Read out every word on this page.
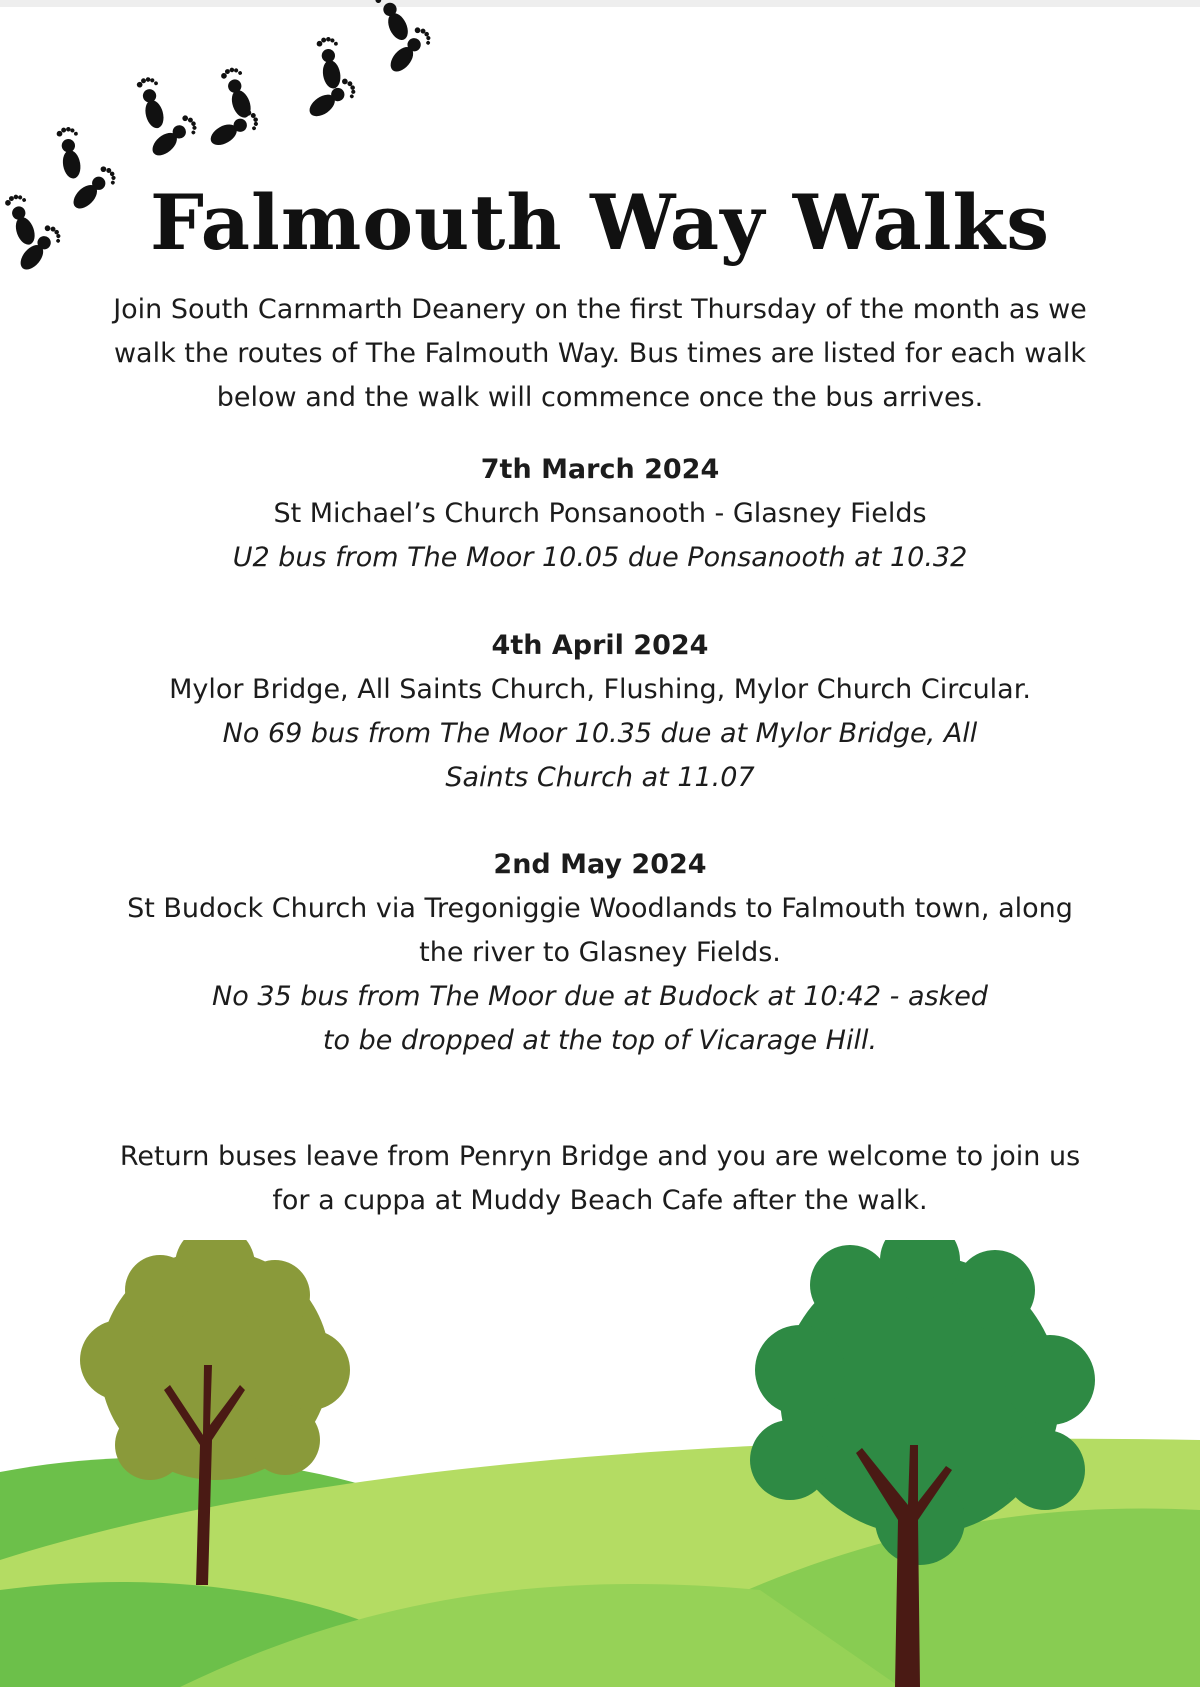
Falmouth Way Walks

Join South Carnmarth Deanery on the first Thursday of the month as we walk the routes of The Falmouth Way. Bus times are listed for each walk below and the walk will commence once the bus arrives.

7th March 2024
St Michael’s Church Ponsanooth - Glasney Fields
U2 bus from The Moor 10.05 due Ponsanooth at 10.32
4th April 2024
Mylor Bridge, All Saints Church, Flushing, Mylor Church Circular.
No 69 bus from The Moor 10.35 due at Mylor Bridge, All Saints Church at 11.07
2nd May 2024
St Budock Church via Tregoniggie Woodlands to Falmouth town, along the river to Glasney Fields.
No 35 bus from The Moor due at Budock at 10:42 - asked to be dropped at the top of Vicarage Hill.

Return buses leave from Penryn Bridge and you are welcome to join us for a cuppa at Muddy Beach Cafe after the walk.
